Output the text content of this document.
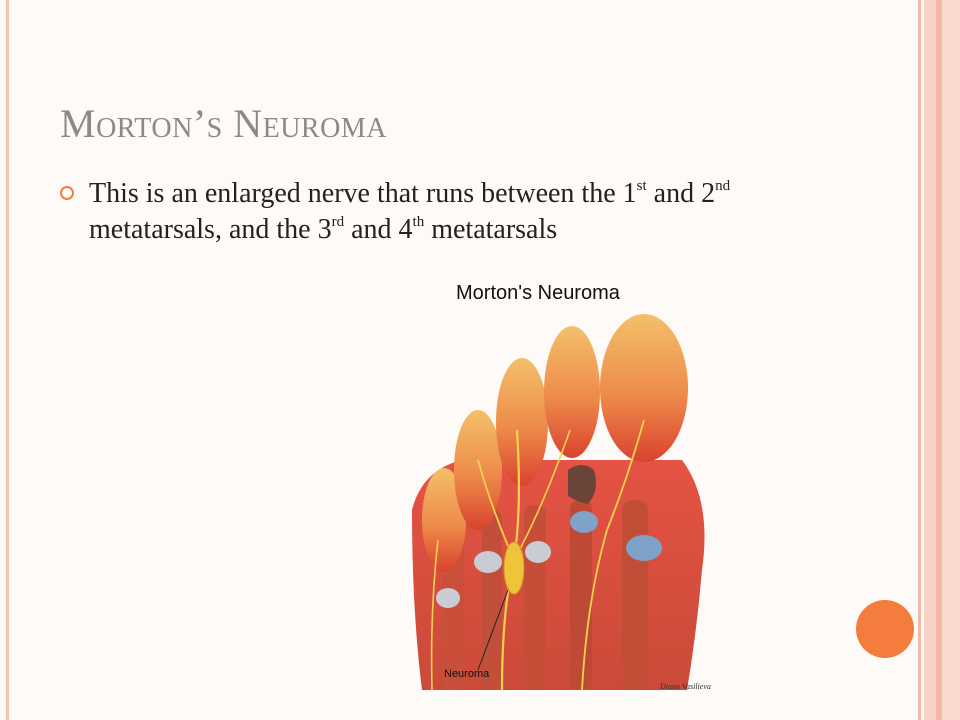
Morton’s Neuroma
This is an enlarged nerve that runs between the 1st and 2nd metatarsals, and the 3rd and 4th metatarsals
Morton's Neuroma
Neuroma
Diana Vasilieva
